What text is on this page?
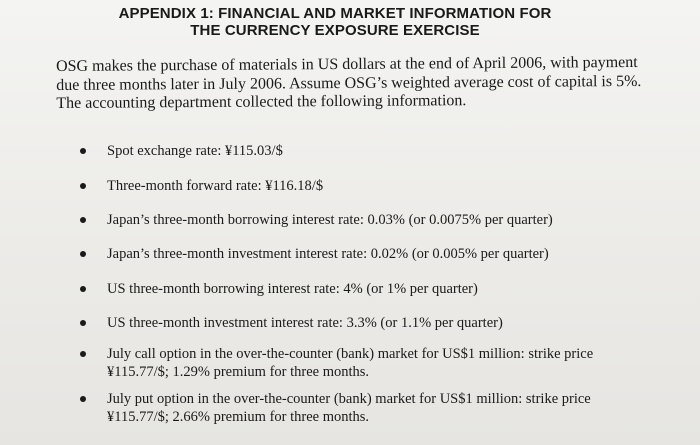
APPENDIX 1: FINANCIAL AND MARKET INFORMATION FOR
THE CURRENCY EXPOSURE EXERCISE
OSG makes the purchase of materials in US dollars at the end of April 2006, with payment
due three months later in July 2006. Assume OSG’s weighted average cost of capital is 5%.
The accounting department collected the following information.
Spot exchange rate: ¥115.03/$
Three-month forward rate: ¥116.18/$
Japan’s three-month borrowing interest rate: 0.03% (or 0.0075% per quarter)
Japan’s three-month investment interest rate: 0.02% (or 0.005% per quarter)
US three-month borrowing interest rate: 4% (or 1% per quarter)
US three-month investment interest rate: 3.3% (or 1.1% per quarter)
July call option in the over-the-counter (bank) market for US$1 million: strike price
¥115.77/$; 1.29% premium for three months.
July put option in the over-the-counter (bank) market for US$1 million: strike price
¥115.77/$; 2.66% premium for three months.
